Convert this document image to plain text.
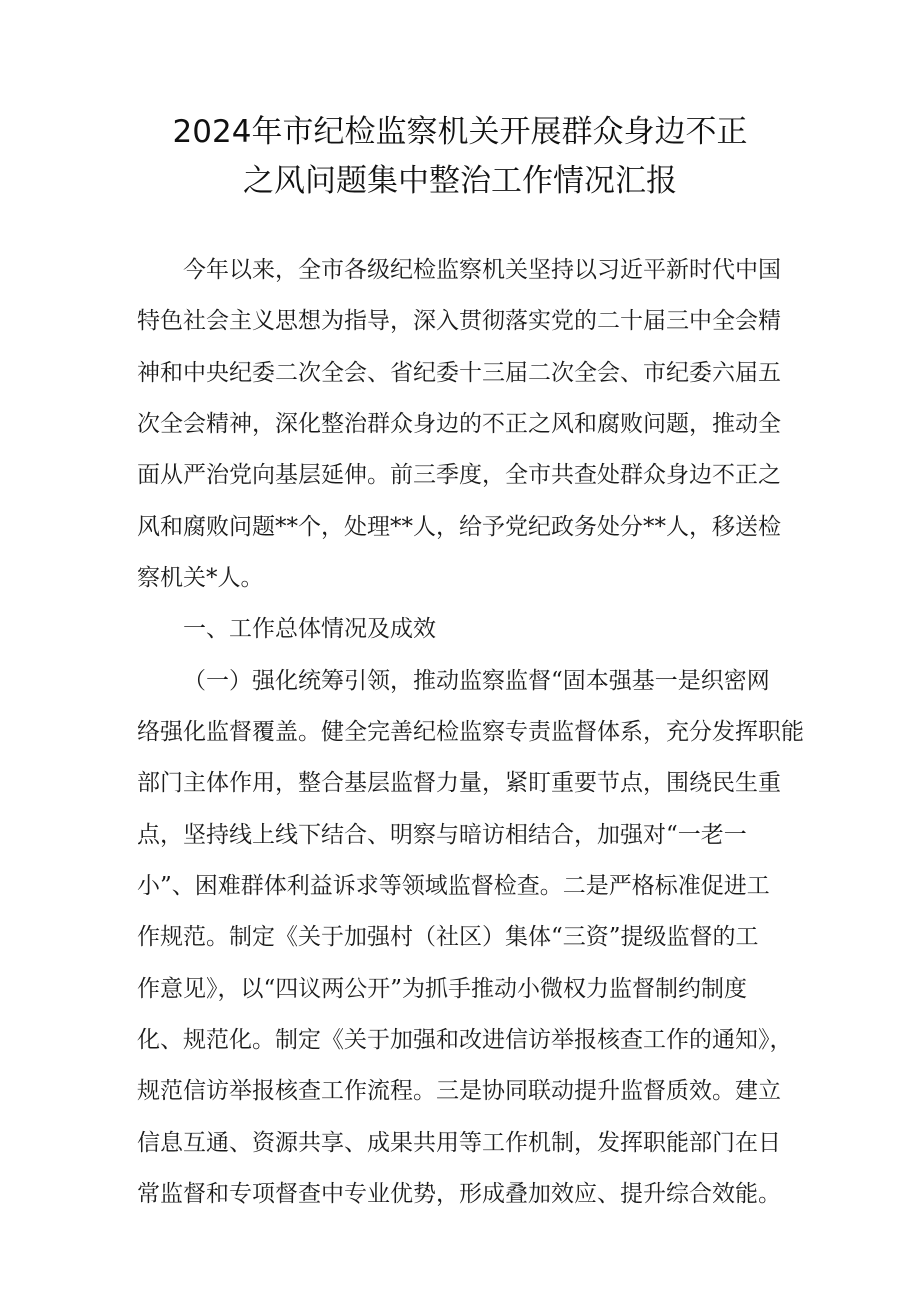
2024年市纪检监察机关开展群众身边不正
之风问题集中整治工作情况汇报
今年以来，全市各级纪检监察机关坚持以习近平新时代中国
特色社会主义思想为指导，深入贯彻落实党的二十届三中全会精
神和中央纪委二次全会、省纪委十三届二次全会、市纪委六届五
次全会精神，深化整治群众身边的不正之风和腐败问题，推动全
面从严治党向基层延伸。前三季度，全市共查处群众身边不正之
风和腐败问题**个，处理**人，给予党纪政务处分**人，移送检
察机关*人。
一、工作总体情况及成效
（一）强化统筹引领，推动监察监督“固本强基一是织密网
络强化监督覆盖。健全完善纪检监察专责监督体系，充分发挥职能
部门主体作用，整合基层监督力量，紧盯重要节点，围绕民生重
点，坚持线上线下结合、明察与暗访相结合，加强对“一老一
小”、困难群体利益诉求等领域监督检查。二是严格标准促进工
作规范。制定《关于加强村（社区）集体“三资”提级监督的工
作意见》，以“四议两公开”为抓手推动小微权力监督制约制度
化、规范化。制定《关于加强和改进信访举报核查工作的通知》，
规范信访举报核查工作流程。三是协同联动提升监督质效。建立
信息互通、资源共享、成果共用等工作机制，发挥职能部门在日
常监督和专项督查中专业优势，形成叠加效应、提升综合效能。
